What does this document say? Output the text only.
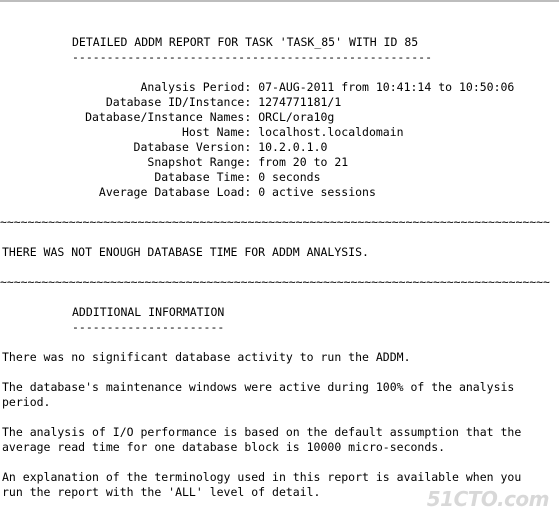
DETAILED ADDM REPORT FOR TASK 'TASK_85' WITH ID 85
----------------------------------------------------
Analysis Period: 07-AUG-2011 from 10:41:14 to 10:50:06
Database ID/Instance: 1274771181/1
Database/Instance Names: ORCL/ora10g
Host Name: localhost.localdomain
Database Version: 10.2.0.1.0
Snapshot Range: from 20 to 21
Database Time: 0 seconds
Average Database Load: 0 active sessions
~~~~~~~~~~~~~~~~~~~~~~~~~~~~~~~~~~~~~~~~~~~~~~~~~~~~~~~~~~~~~~~~~~~~~~~~~~~~~~~~
THERE WAS NOT ENOUGH DATABASE TIME FOR ADDM ANALYSIS.
~~~~~~~~~~~~~~~~~~~~~~~~~~~~~~~~~~~~~~~~~~~~~~~~~~~~~~~~~~~~~~~~~~~~~~~~~~~~~~~~
ADDITIONAL INFORMATION
----------------------
There was no significant database activity to run the ADDM.
The database's maintenance windows were active during 100% of the analysis
period.
The analysis of I/O performance is based on the default assumption that the
average read time for one database block is 10000 micro-seconds.
An explanation of the terminology used in this report is available when you
run the report with the 'ALL' level of detail.	51CTO.com
